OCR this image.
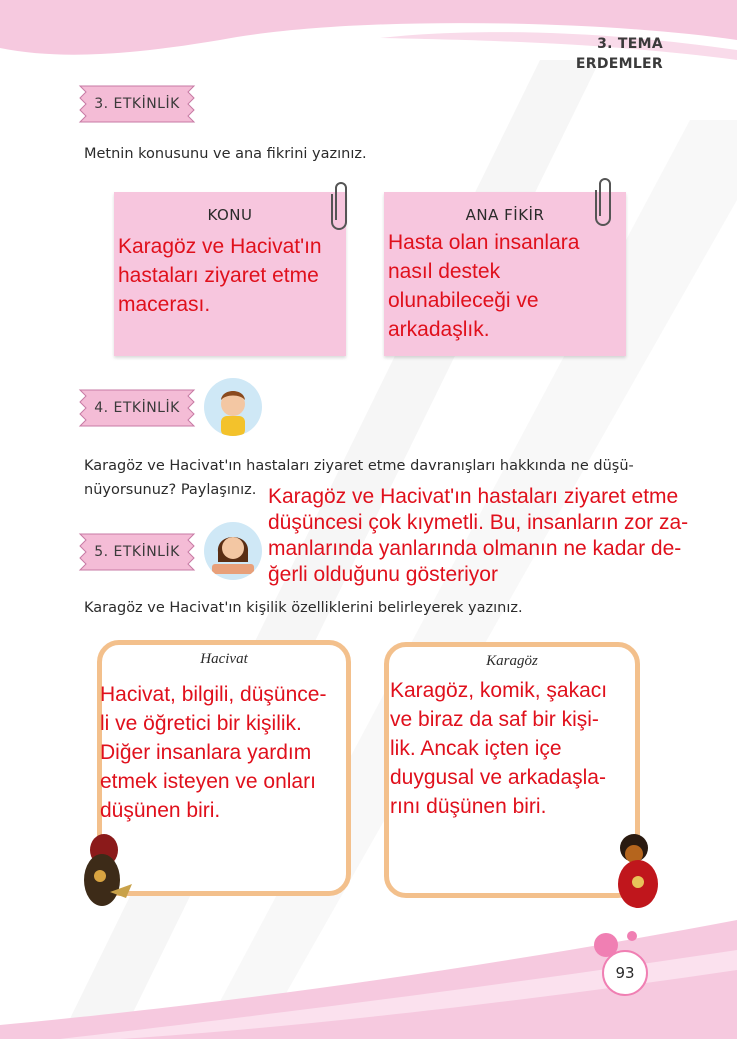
3. TEMA
ERDEMLER
3. ETKİNLİK
Metnin konusunu ve ana fikrini yazınız.
KONU
Karagöz ve Hacivat'ın hastaları ziyaret etme macerası.
ANA FİKİR
Hasta olan insanlara nasıl destek olunabileceği ve arkadaşlık.
4. ETKİNLİK
Karagöz ve Hacivat'ın hastaları ziyaret etme davranışları hakkında ne düşü-
nüyorsunuz? Paylaşınız. Karagöz ve Hacivat'ın hastaları ziyaret etme
düşüncesi çok kıymetli. Bu, insanların zor za-
manlarında yanlarında olmanın ne kadar de-
ğerli olduğunu gösteriyor
5. ETKİNLİK
Karagöz ve Hacivat'ın kişilik özelliklerini belirleyerek yazınız.
Hacivat
Hacivat, bilgili, düşünce-
li ve öğretici bir kişilik.
Diğer insanlara yardım
etmek isteyen ve onları
düşünen biri.
Karagöz
Karagöz, komik, şakacı
ve biraz da saf bir kişi-
lik. Ancak içten içe
duygusal ve arkadaşla-
rını düşünen biri.
93
